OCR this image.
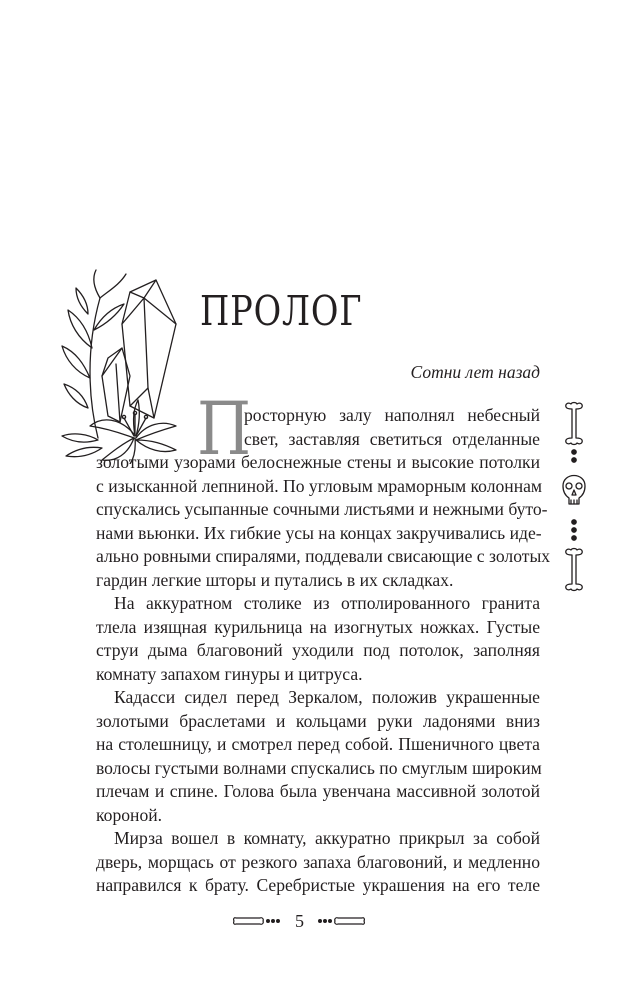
ПРОЛОГ
Сотни лет назад
П
росторную залу наполнял небесный
свет, заставляя светиться отделанные
золотыми узорами белоснежные стены и высокие потолки
с изысканной лепниной. По угловым мраморным колоннам
спускались усыпанные сочными листьями и нежными буто-
нами вьюнки. Их гибкие усы на концах закручивались иде-
ально ровными спиралями, поддевали свисающие с золотых
гардин легкие шторы и путались в их складках.
На аккуратном столике из отполированного гранита
тлела изящная курильница на изогнутых ножках. Густые
струи дыма благовоний уходили под потолок, заполняя
комнату запахом гинуры и цитруса.
Кадасси сидел перед Зеркалом, положив украшенные
золотыми браслетами и кольцами руки ладонями вниз
на столешницу, и смотрел перед собой. Пшеничного цвета
волосы густыми волнами спускались по смуглым широким
плечам и спине. Голова была увенчана массивной золотой
короной.
Мирза вошел в комнату, аккуратно прикрыл за собой
дверь, морщась от резкого запаха благовоний, и медленно
направился к брату. Серебристые украшения на его теле
5
